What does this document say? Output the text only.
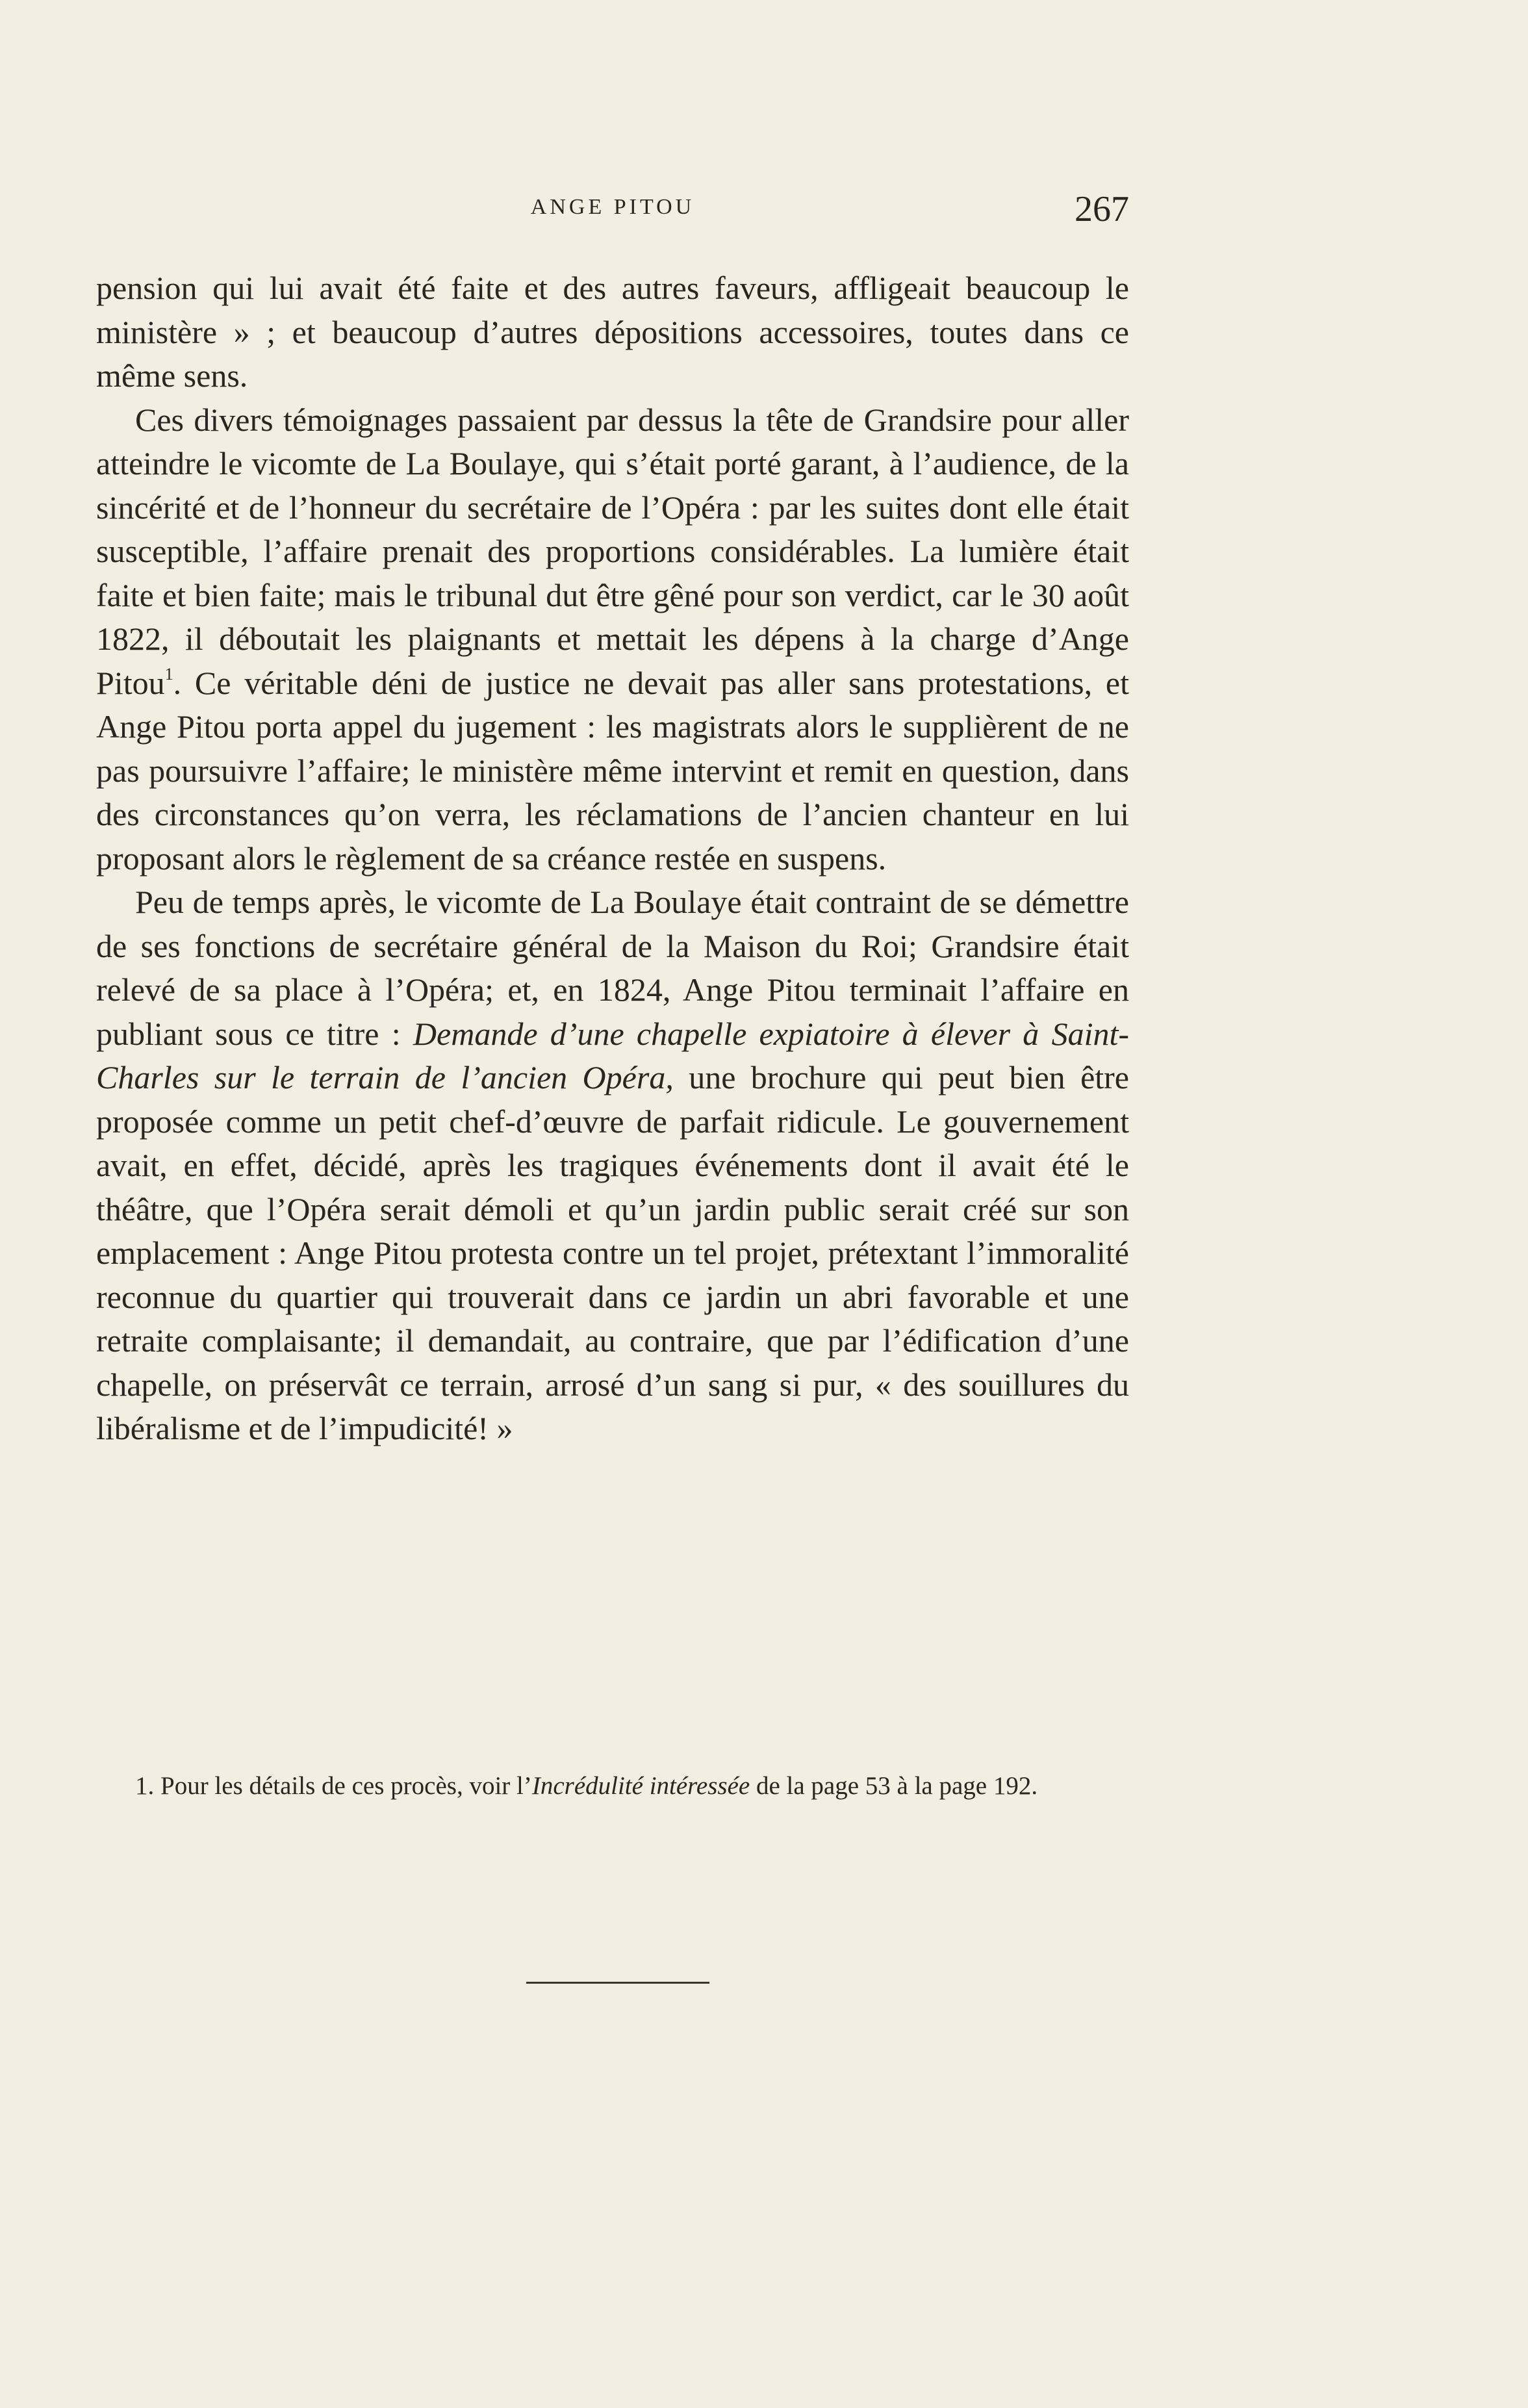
ANGE PITOU	267

pension qui lui avait été faite et des autres faveurs, affligeait beaucoup le ministère » ; et beaucoup d’autres dépositions accessoires, toutes dans ce même sens.

Ces divers témoignages passaient par dessus la tête de Grandsire pour aller atteindre le vicomte de La Boulaye, qui s’était porté garant, à l’audience, de la sincérité et de l’honneur du secrétaire de l’Opéra : par les suites dont elle était susceptible, l’affaire prenait des proportions considérables. La lumière était faite et bien faite; mais le tribunal dut être gêné pour son verdict, car le 30 août 1822, il déboutait les plaignants et mettait les dépens à la charge d’Ange Pitou$^1$. Ce véritable déni de justice ne devait pas aller sans protestations, et Ange Pitou porta appel du jugement : les magistrats alors le supplièrent de ne pas poursuivre l’affaire; le ministère même intervint et remit en question, dans des circonstances qu’on verra, les réclamations de l’ancien chanteur en lui proposant alors le règlement de sa créance restée en suspens.

Peu de temps après, le vicomte de La Boulaye était contraint de se démettre de ses fonctions de secrétaire général de la Maison du Roi; Grandsire était relevé de sa place à l’Opéra; et, en 1824, Ange Pitou terminait l’affaire en publiant sous ce titre : Demande d’une chapelle expiatoire à élever à Saint-Charles sur le terrain de l’ancien Opéra, une brochure qui peut bien être proposée comme un petit chef-d’œuvre de parfait ridicule. Le gouvernement avait, en effet, décidé, après les tragiques événements dont il avait été le théâtre, que l’Opéra serait démoli et qu’un jardin public serait créé sur son emplacement : Ange Pitou protesta contre un tel projet, prétextant l’immoralité reconnue du quartier qui trouverait dans ce jardin un abri favorable et une retraite complaisante; il demandait, au contraire, que par l’édification d’une chapelle, on préservât ce terrain, arrosé d’un sang si pur, « des souillures du libéralisme et de l’impudicité! »

1. Pour les détails de ces procès, voir l’Incrédulité intéressée de la page 53 à la page 192.
